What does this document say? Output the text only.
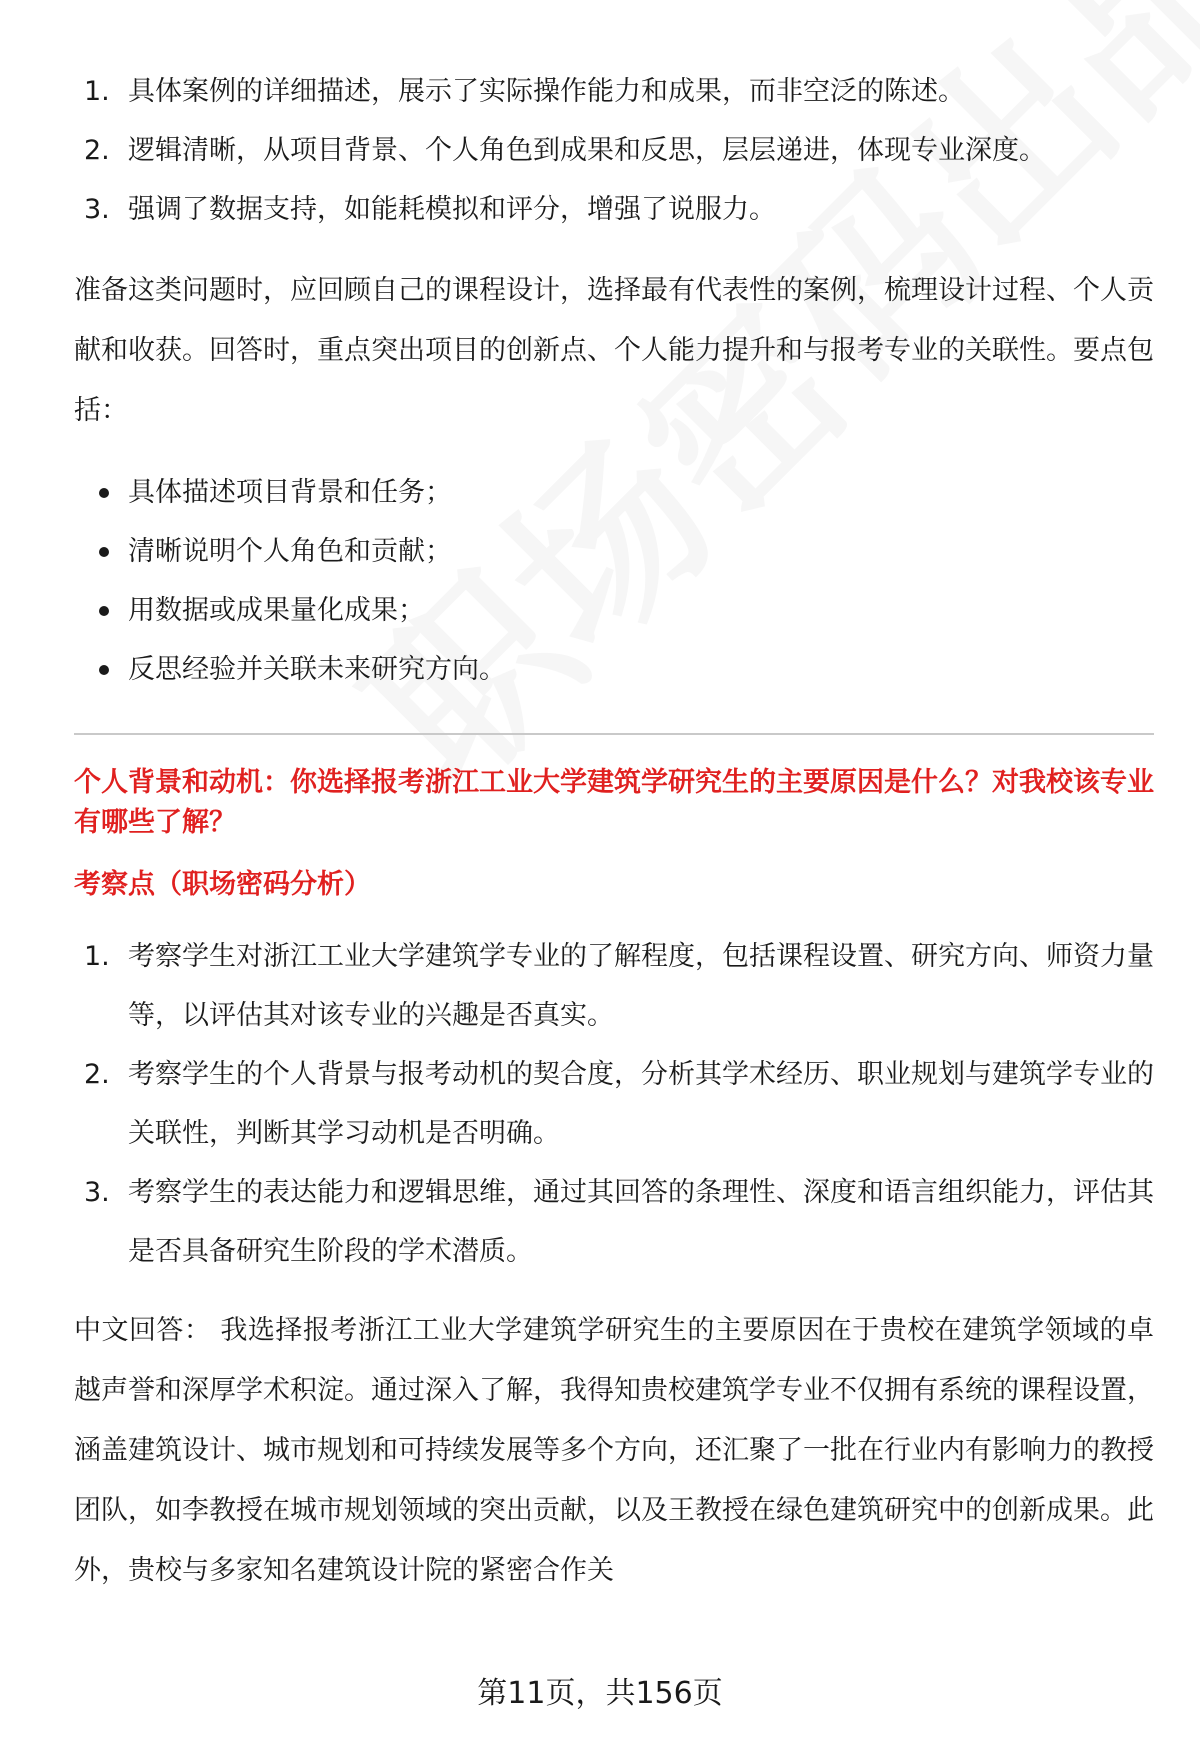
1. 具体案例的详细描述，展示了实际操作能力和成果，而非空泛的陈述。
2. 逻辑清晰，从项目背景、个人角色到成果和反思，层层递进，体现专业深度。
3. 强调了数据支持，如能耗模拟和评分，增强了说服力。

准备这类问题时，应回顾自己的课程设计，选择最有代表性的案例，梳理设计过程、个人贡献和收获。回答时，重点突出项目的创新点、个人能力提升和与报考专业的关联性。要点包括：

具体描述项目背景和任务；
清晰说明个人角色和贡献；
用数据或成果量化成果；
反思经验并关联未来研究方向。

个人背景和动机：你选择报考浙江工业大学建筑学研究生的主要原因是什么？对我校该专业有哪些了解？

考察点（职场密码分析）

1. 考察学生对浙江工业大学建筑学专业的了解程度，包括课程设置、研究方向、师资力量等，以评估其对该专业的兴趣是否真实。
2. 考察学生的个人背景与报考动机的契合度，分析其学术经历、职业规划与建筑学专业的关联性，判断其学习动机是否明确。
3. 考察学生的表达能力和逻辑思维，通过其回答的条理性、深度和语言组织能力，评估其是否具备研究生阶段的学术潜质。

中文回答： 我选择报考浙江工业大学建筑学研究生的主要原因在于贵校在建筑学领域的卓越声誉和深厚学术积淀。通过深入了解，我得知贵校建筑学专业不仅拥有系统的课程设置，涵盖建筑设计、城市规划和可持续发展等多个方向，还汇聚了一批在行业内有影响力的教授团队，如李教授在城市规划领域的突出贡献，以及王教授在绿色建筑研究中的创新成果。此外，贵校与多家知名建筑设计院的紧密合作关

第11页，共156页
